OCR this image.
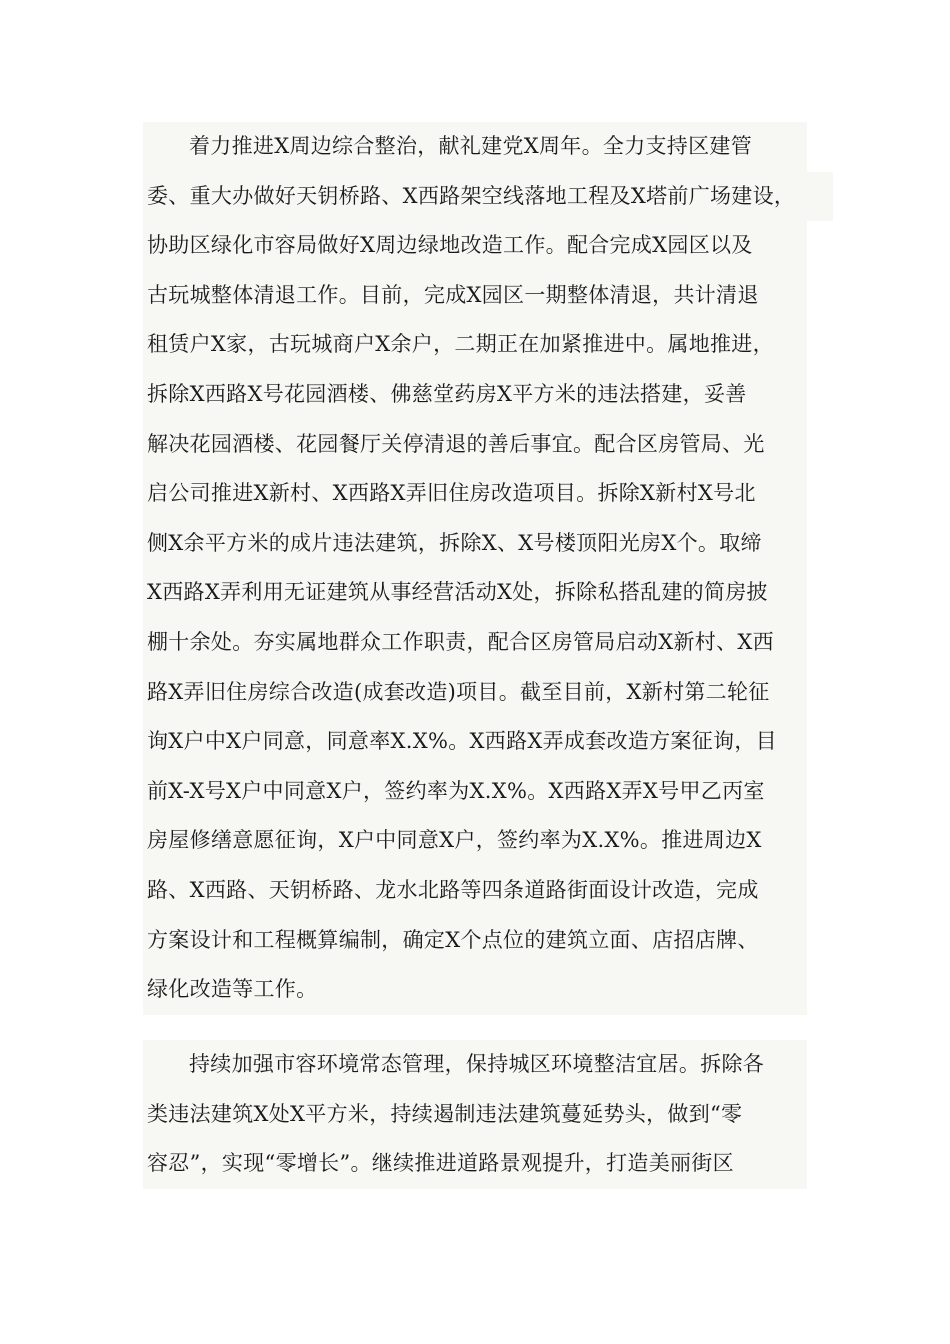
着力推进X周边综合整治，献礼建党X周年。全力支持区建管
委、重大办做好天钥桥路、X西路架空线落地工程及X塔前广场建设，
协助区绿化市容局做好X周边绿地改造工作。配合完成X园区以及
古玩城整体清退工作。目前，完成X园区一期整体清退，共计清退
租赁户X家，古玩城商户X余户，二期正在加紧推进中。属地推进，
拆除X西路X号花园酒楼、佛慈堂药房X平方米的违法搭建，妥善
解决花园酒楼、花园餐厅关停清退的善后事宜。配合区房管局、光
启公司推进X新村、X西路X弄旧住房改造项目。拆除X新村X号北
侧X余平方米的成片违法建筑，拆除X、X号楼顶阳光房X个。取缔
X西路X弄利用无证建筑从事经营活动X处，拆除私搭乱建的简房披
棚十余处。夯实属地群众工作职责，配合区房管局启动X新村、X西
路X弄旧住房综合改造(成套改造)项目。截至目前，X新村第二轮征
询X户中X户同意，同意率X.X%。X西路X弄成套改造方案征询，目
前X-X号X户中同意X户，签约率为X.X%。X西路X弄X号甲乙丙室
房屋修缮意愿征询，X户中同意X户，签约率为X.X%。推进周边X
路、X西路、天钥桥路、龙水北路等四条道路街面设计改造，完成
方案设计和工程概算编制，确定X个点位的建筑立面、店招店牌、
绿化改造等工作。
持续加强市容环境常态管理，保持城区环境整洁宜居。拆除各
类违法建筑X处X平方米，持续遏制违法建筑蔓延势头，做到“零
容忍”，实现“零增长”。继续推进道路景观提升，打造美丽街区
